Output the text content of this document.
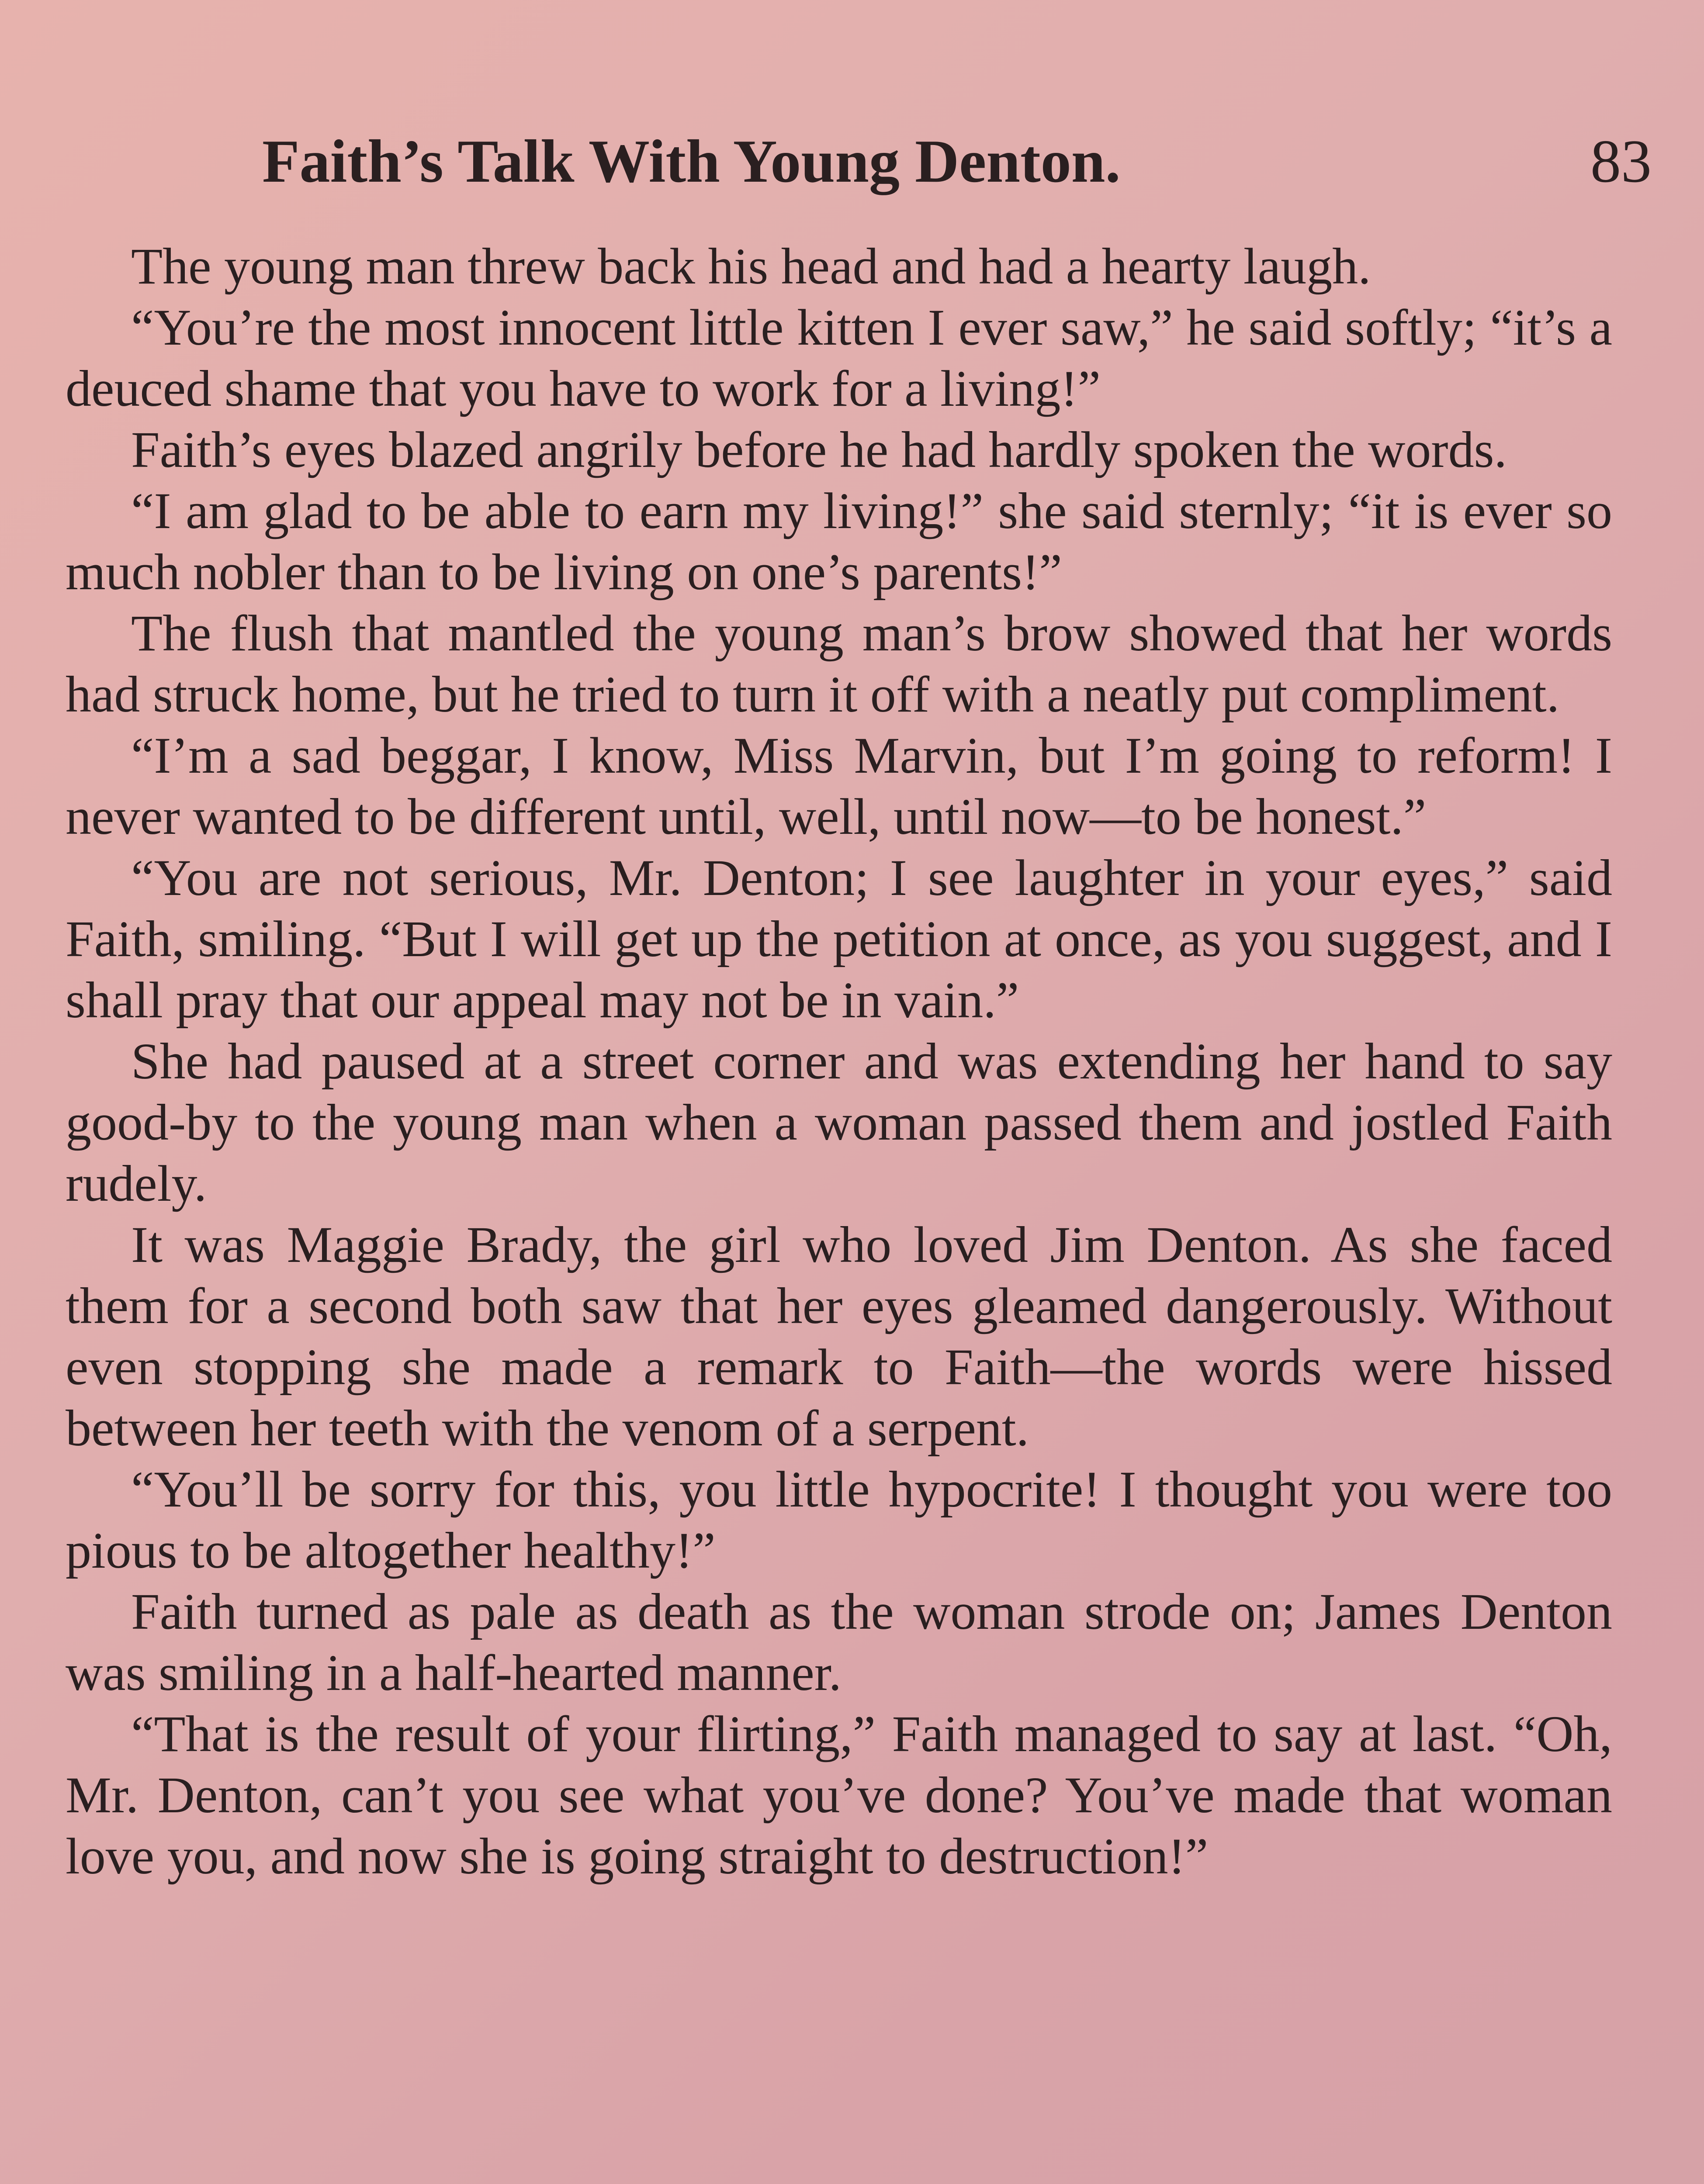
Faith’s Talk With Young Denton.	83

The young man threw back his head and had a hearty laugh.

“You’re the most innocent little kitten I ever saw,” he said softly; “it’s a deuced shame that you have to work for a living!”

Faith’s eyes blazed angrily before he had hardly spoken the words.

“I am glad to be able to earn my living!” she said sternly; “it is ever so much nobler than to be living on one’s parents!”

The flush that mantled the young man’s brow showed that her words had struck home, but he tried to turn it off with a neatly put compliment.

“I’m a sad beggar, I know, Miss Marvin, but I’m going to reform! I never wanted to be different until, well, until now—to be honest.”

“You are not serious, Mr. Denton; I see laughter in your eyes,” said Faith, smiling. “But I will get up the petition at once, as you suggest, and I shall pray that our appeal may not be in vain.”

She had paused at a street corner and was extending her hand to say good-by to the young man when a woman passed them and jostled Faith rudely.

It was Maggie Brady, the girl who loved Jim Denton. As she faced them for a second both saw that her eyes gleamed dangerously. Without even stopping she made a remark to Faith—the words were hissed between her teeth with the venom of a serpent.

“You’ll be sorry for this, you little hypocrite! I thought you were too pious to be altogether healthy!”

Faith turned as pale as death as the woman strode on; James Denton was smiling in a half-hearted manner.

“That is the result of your flirting,” Faith managed to say at last. “Oh, Mr. Denton, can’t you see what you’ve done? You’ve made that woman love you, and now she is going straight to destruction!”
